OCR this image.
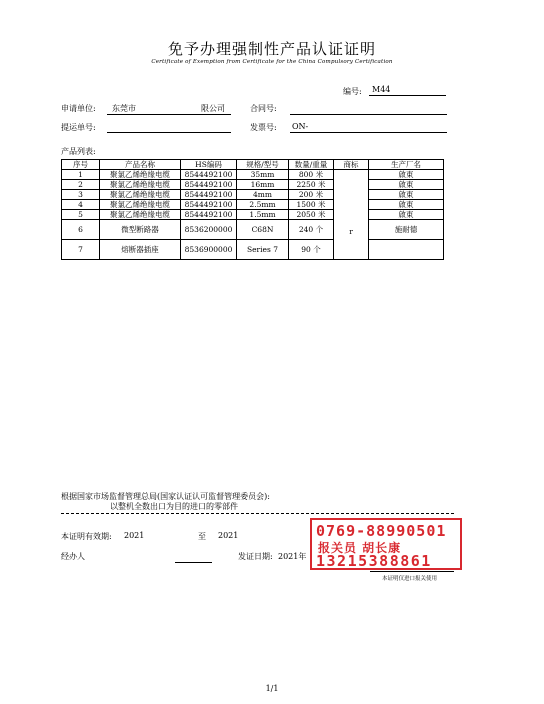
免予办理强制性产品认证证明
Certificate of Exemption from Certificate for the China Compulsory Certification
编号: M44
申请单位: 东莞市	限公司	合同号:
提运单号:	发票号: ON-
产品列表:
序号	产品名称	HS编码	规格/型号	数量/重量	商标	生产厂名
1	聚氯乙烯绝缘电缆	8544492100	35mm	800 米		啟東
2	聚氯乙烯绝缘电缆	8544492100	16mm	2250 米		啟東
3	聚氯乙烯绝缘电缆	8544492100	4mm	200 米		啟東
4	聚氯乙烯绝缘电缆	8544492100	2.5mm	1500 米		啟東
5	聚氯乙烯绝缘电缆	8544492100	1.5mm	2050 米		啟東
6	微型断路器	8536200000	C68N	240 个	r	施耐德
7	熔断器插座	8536900000	Series 7	90 个		
根据国家市场监督管理总局(国家认证认可监督管理委员会):
以整机全数出口为目的进口的零部件
本证明有效期: 2021	至 2021
经办人	发证日期: 2021年
0769-88990501
报关员 胡长康
13215388861
本证明仅进口报关使用
1/1
